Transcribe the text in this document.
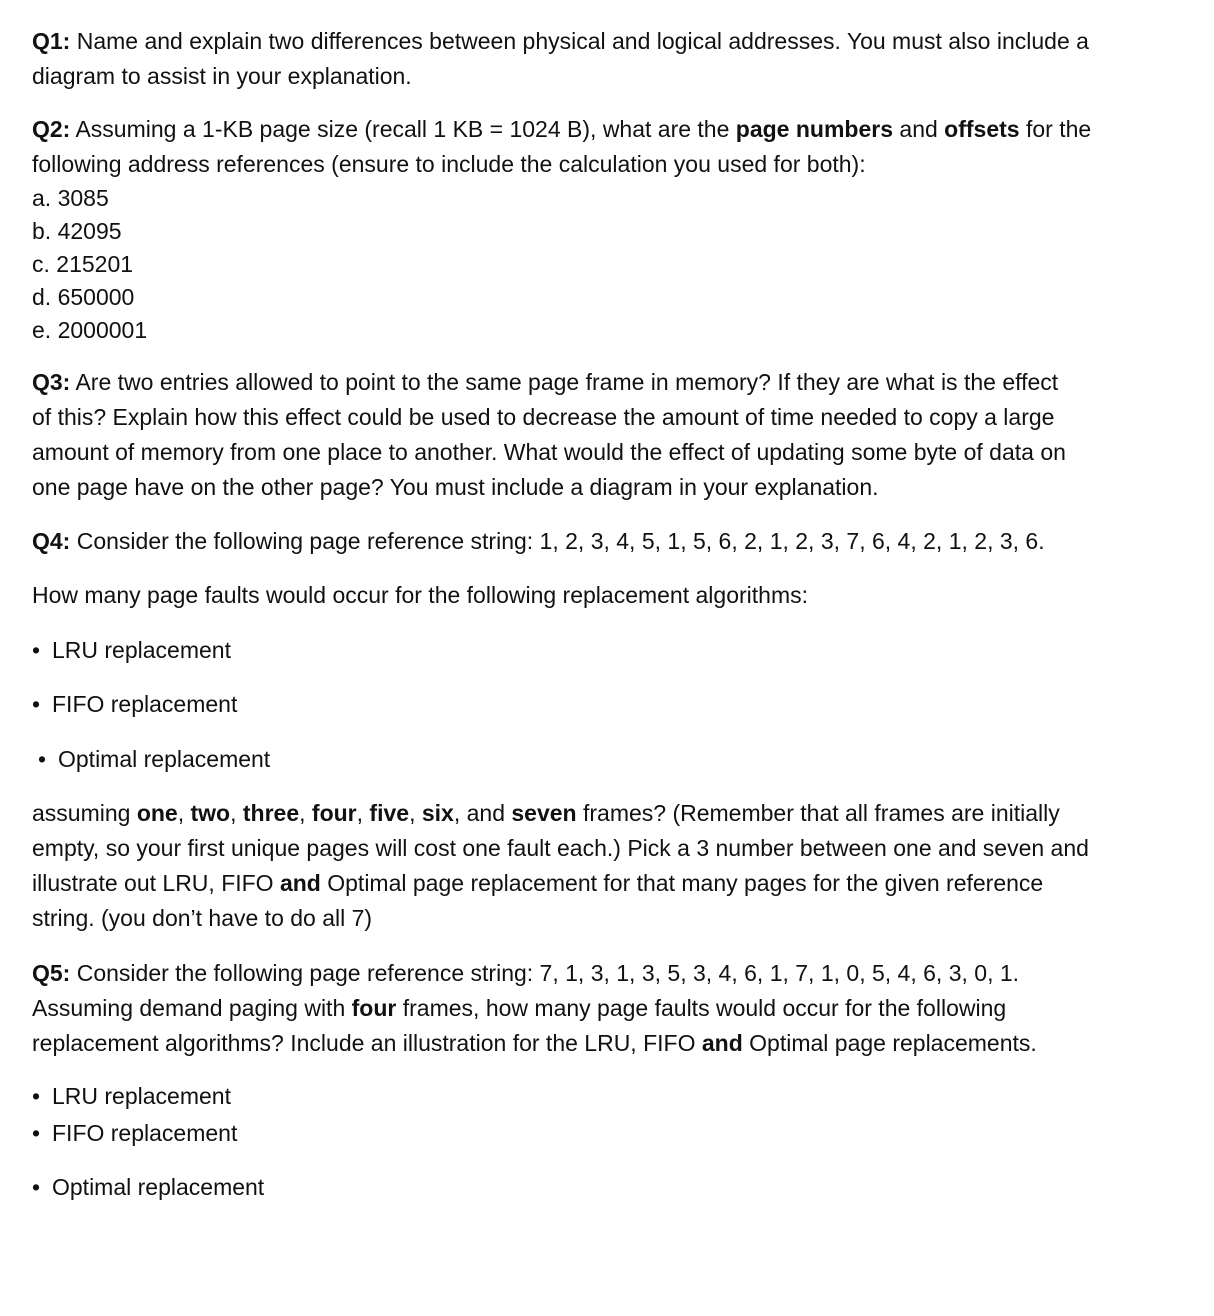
Q1: Name and explain two differences between physical and logical addresses. You must also include a
diagram to assist in your explanation.
Q2: Assuming a 1-KB page size (recall 1 KB = 1024 B), what are the page numbers and offsets for the
following address references (ensure to include the calculation you used for both):
a. 3085
b. 42095
c. 215201
d. 650000
e. 2000001
Q3: Are two entries allowed to point to the same page frame in memory? If they are what is the effect
of this? Explain how this effect could be used to decrease the amount of time needed to copy a large
amount of memory from one place to another. What would the effect of updating some byte of data on
one page have on the other page? You must include a diagram in your explanation.
Q4: Consider the following page reference string: 1, 2, 3, 4, 5, 1, 5, 6, 2, 1, 2, 3, 7, 6, 4, 2, 1, 2, 3, 6.
How many page faults would occur for the following replacement algorithms:
• LRU replacement
• FIFO replacement
• Optimal replacement
assuming one, two, three, four, five, six, and seven frames? (Remember that all frames are initially
empty, so your first unique pages will cost one fault each.) Pick a 3 number between one and seven and
illustrate out LRU, FIFO and Optimal page replacement for that many pages for the given reference
string. (you don’t have to do all 7)
Q5: Consider the following page reference string: 7, 1, 3, 1, 3, 5, 3, 4, 6, 1, 7, 1, 0, 5, 4, 6, 3, 0, 1.
Assuming demand paging with four frames, how many page faults would occur for the following
replacement algorithms? Include an illustration for the LRU, FIFO and Optimal page replacements.
• LRU replacement
• FIFO replacement
• Optimal replacement
